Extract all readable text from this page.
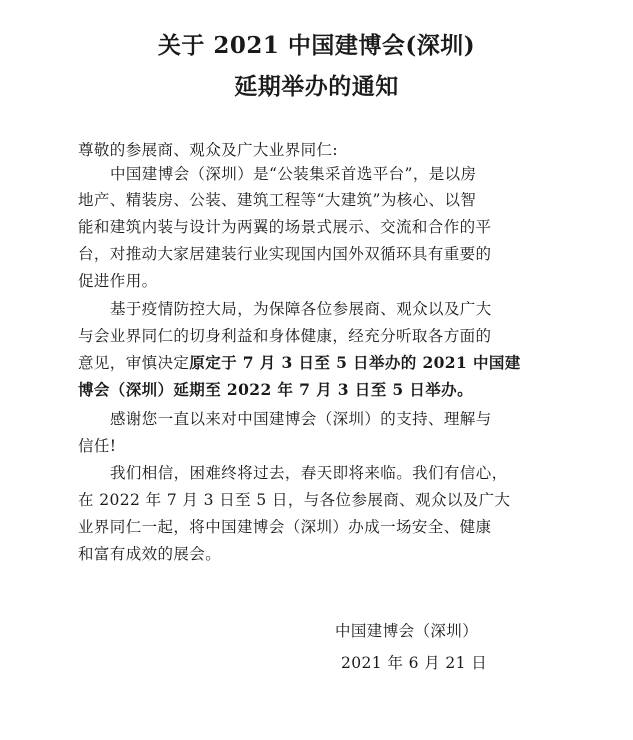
关于 2021 中国建博会(深圳)
延期举办的通知
尊敬的参展商、观众及广大业界同仁:
中国建博会（深圳）是“公装集采首选平台”，是以房
地产、精装房、公装、建筑工程等“大建筑”为核心、以智
能和建筑内装与设计为两翼的场景式展示、交流和合作的平
台，对推动大家居建装行业实现国内国外双循环具有重要的
促进作用。
基于疫情防控大局，为保障各位参展商、观众以及广大
与会业界同仁的切身利益和身体健康，经充分听取各方面的
意见，审慎决定原定于 7 月 3 日至 5 日举办的 2021 中国建
博会（深圳）延期至 2022 年 7 月 3 日至 5 日举办。
感谢您一直以来对中国建博会（深圳）的支持、理解与
信任!
我们相信，困难终将过去，春天即将来临。我们有信心，
在 2022 年 7 月 3 日至 5 日，与各位参展商、观众以及广大
业界同仁一起，将中国建博会（深圳）办成一场安全、健康
和富有成效的展会。
中国建博会（深圳）
2021 年 6 月 21 日
